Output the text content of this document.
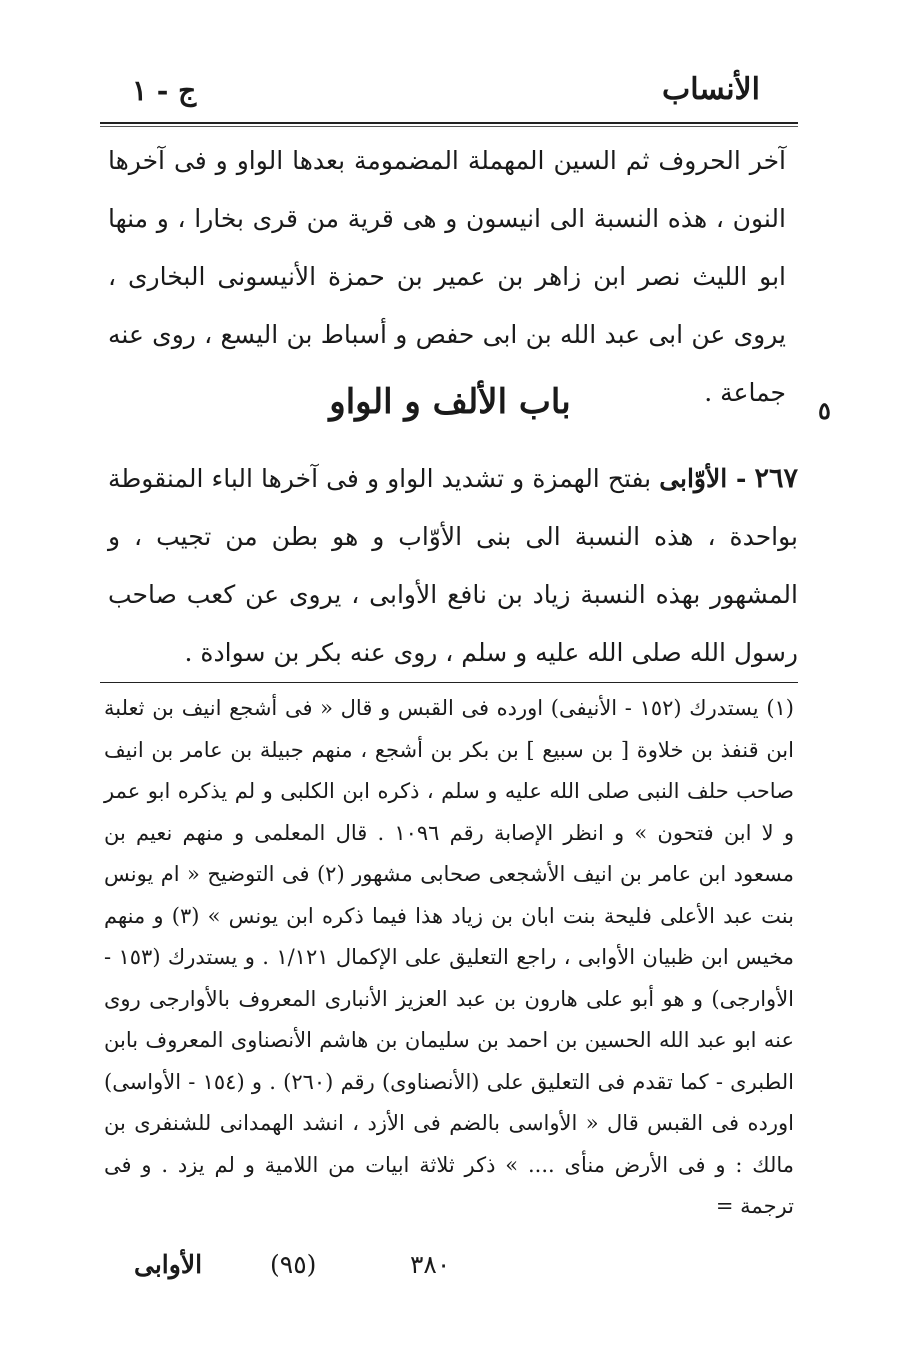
الأنساب
ج - ١

آخر الحروف ثم السين المهملة المضمومة بعدها الواو و فى آخرها النون ، هذه النسبة الى انيسون و هى قرية من قرى بخارا ، و منها ابو الليث نصر ابن زاهر بن عمير بن حمزة الأنيسونى البخارى ، يروى عن ابى عبد الله بن ابى حفص و أسباط بن اليسع ، روى عنه جماعة .

باب الألف و الواو	٥
٢٦٧ - الأوّابى بفتح الهمزة و تشديد الواو و فى آخرها الباء المنقوطة بواحدة ، هذه النسبة الى بنى الأوّاب و هو بطن من تجيب ، و المشهور بهذه النسبة زياد بن نافع الأوابى ، يروى عن كعب صاحب رسول الله صلى الله عليه و سلم ، روى عنه بكر بن سوادة .

(١) يستدرك (١٥٢ - الأنيفى) اورده فى القبس و قال « فى أشجع انيف بن ثعلبة ابن قنفذ بن خلاوة [ بن سبيع ] بن بكر بن أشجع ، منهم جبيلة بن عامر بن انيف صاحب حلف النبى صلى الله عليه و سلم ، ذكره ابن الكلبى و لم يذكره ابو عمر و لا ابن فتحون » و انظر الإصابة رقم ١٠٩٦ . قال المعلمى و منهم نعيم بن مسعود ابن عامر بن انيف الأشجعى صحابى مشهور (٢) فى التوضيح « ام يونس بنت عبد الأعلى فليحة بنت ابان بن زياد هذا فيما ذكره ابن يونس » (٣) و منهم مخيس ابن ظبيان الأوابى ، راجع التعليق على الإكمال ١/١٢١ . و يستدرك (١٥٣ - الأوارجى) و هو أبو على هارون بن عبد العزيز الأنبارى المعروف بالأوارجى روى عنه ابو عبد الله الحسين بن احمد بن سليمان بن هاشم الأنصناوى المعروف بابن الطبرى - كما تقدم فى التعليق على (الأنصناوى) رقم (٢٦٠) . و (١٥٤ - الأواسى) اورده فى القبس قال « الأواسى بالضم فى الأزد ، انشد الهمدانى للشنفرى بن مالك : و فى الأرض منأى .... » ذكر ثلاثة ابيات من اللامية و لم يزد . و فى ترجمة =

٣٨٠
(٩٥)
الأوابى
